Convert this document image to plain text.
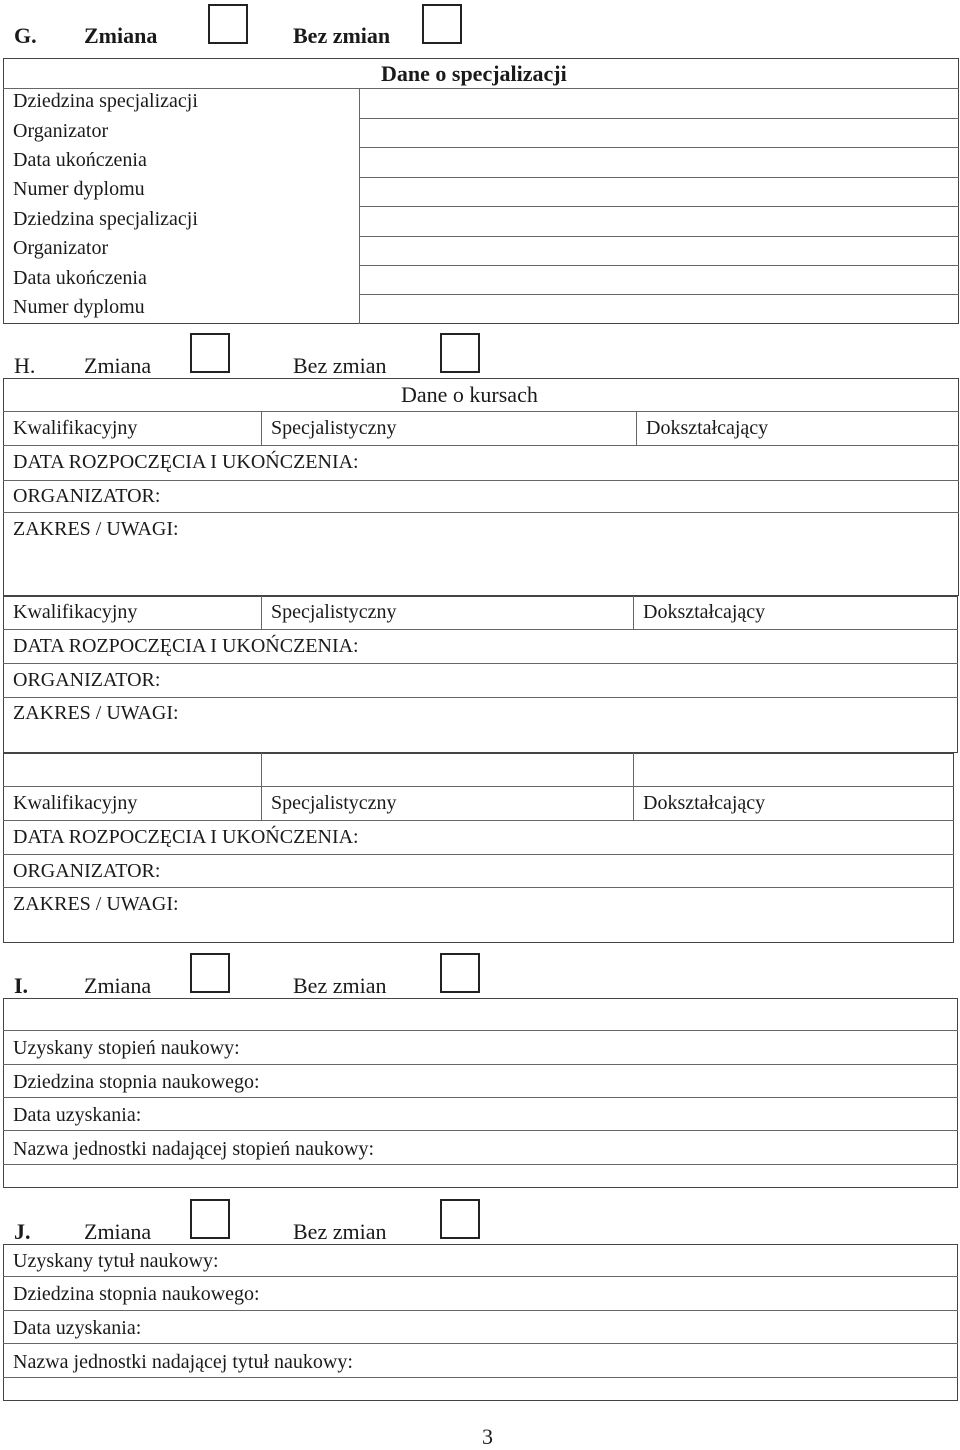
G. Zmiana	Bez zmian
Dane o specjalizacji
Dziedzina specjalizacji
Organizator
Data ukończenia
Numer dyplomu
Dziedzina specjalizacji
Organizator
Data ukończenia
Numer dyplomu
H. Zmiana	Bez zmian
Dane o kursach
Kwalifikacyjny	Specjalistyczny	Dokształcający
DATA ROZPOCZĘCIA I UKOŃCZENIA:
ORGANIZATOR:
ZAKRES / UWAGI:
Kwalifikacyjny	Specjalistyczny	Dokształcający
DATA ROZPOCZĘCIA I UKOŃCZENIA:
ORGANIZATOR:
ZAKRES / UWAGI:
Kwalifikacyjny	Specjalistyczny	Dokształcający
DATA ROZPOCZĘCIA I UKOŃCZENIA:
ORGANIZATOR:
ZAKRES / UWAGI:
I.	Zmiana	Bez zmian
Uzyskany stopień naukowy:
Dziedzina stopnia naukowego:
Data uzyskania:
Nazwa jednostki nadającej stopień naukowy:
J. Zmiana	Bez zmian
Uzyskany tytuł naukowy:
Dziedzina stopnia naukowego:
Data uzyskania:
Nazwa jednostki nadającej tytuł naukowy:
3
